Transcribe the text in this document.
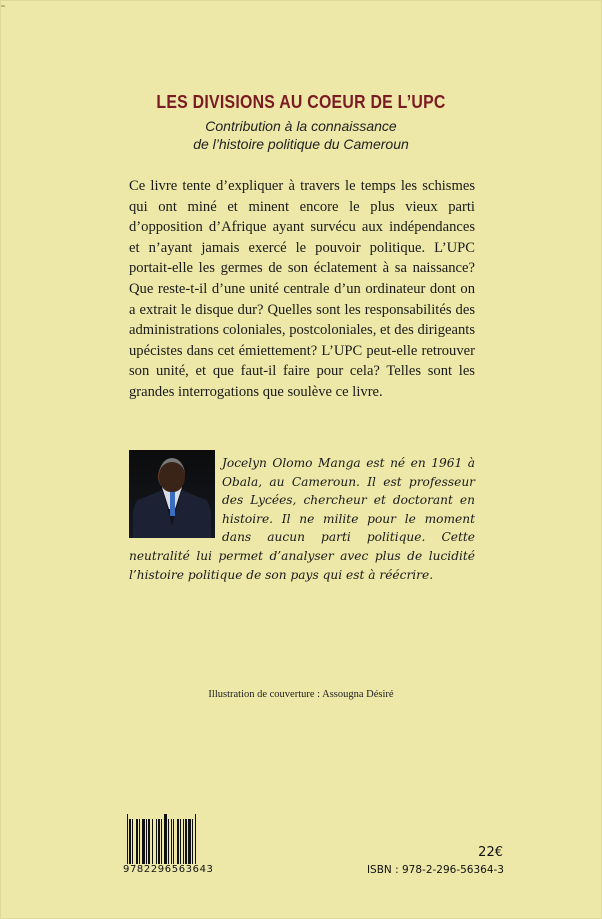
LES DIVISIONS AU COEUR DE L’UPC
Contribution à la connaissance
de l’histoire politique du Cameroun
Ce livre tente d’expliquer à travers le temps les schismes qui ont miné et minent encore le plus vieux parti d’opposition d’Afrique ayant survécu aux indépendances et n’ayant jamais exercé le pouvoir politique. L’UPC portait-elle les germes de son éclatement à sa naissance? Que reste-t-il d’une unité centrale d’un ordinateur dont on a extrait le disque dur? Quelles sont les responsabilités des administrations coloniales, postcoloniales, et des dirigeants upécistes dans cet émiettement? L’UPC peut-elle retrouver son unité, et que faut-il faire pour cela? Telles sont les grandes interrogations que soulève ce livre.
Jocelyn Olomo Manga est né en 1961 à Obala, au Cameroun. Il est professeur des Lycées, chercheur et doctorant en histoire. Il ne milite pour le moment dans aucun parti politique. Cette neutralité lui permet d’analyser avec plus de lucidité l’histoire politique de son pays qui est à réécrire.
Illustration de couverture : Assougna Désiré
9782296563643
22€
ISBN : 978-2-296-56364-3
